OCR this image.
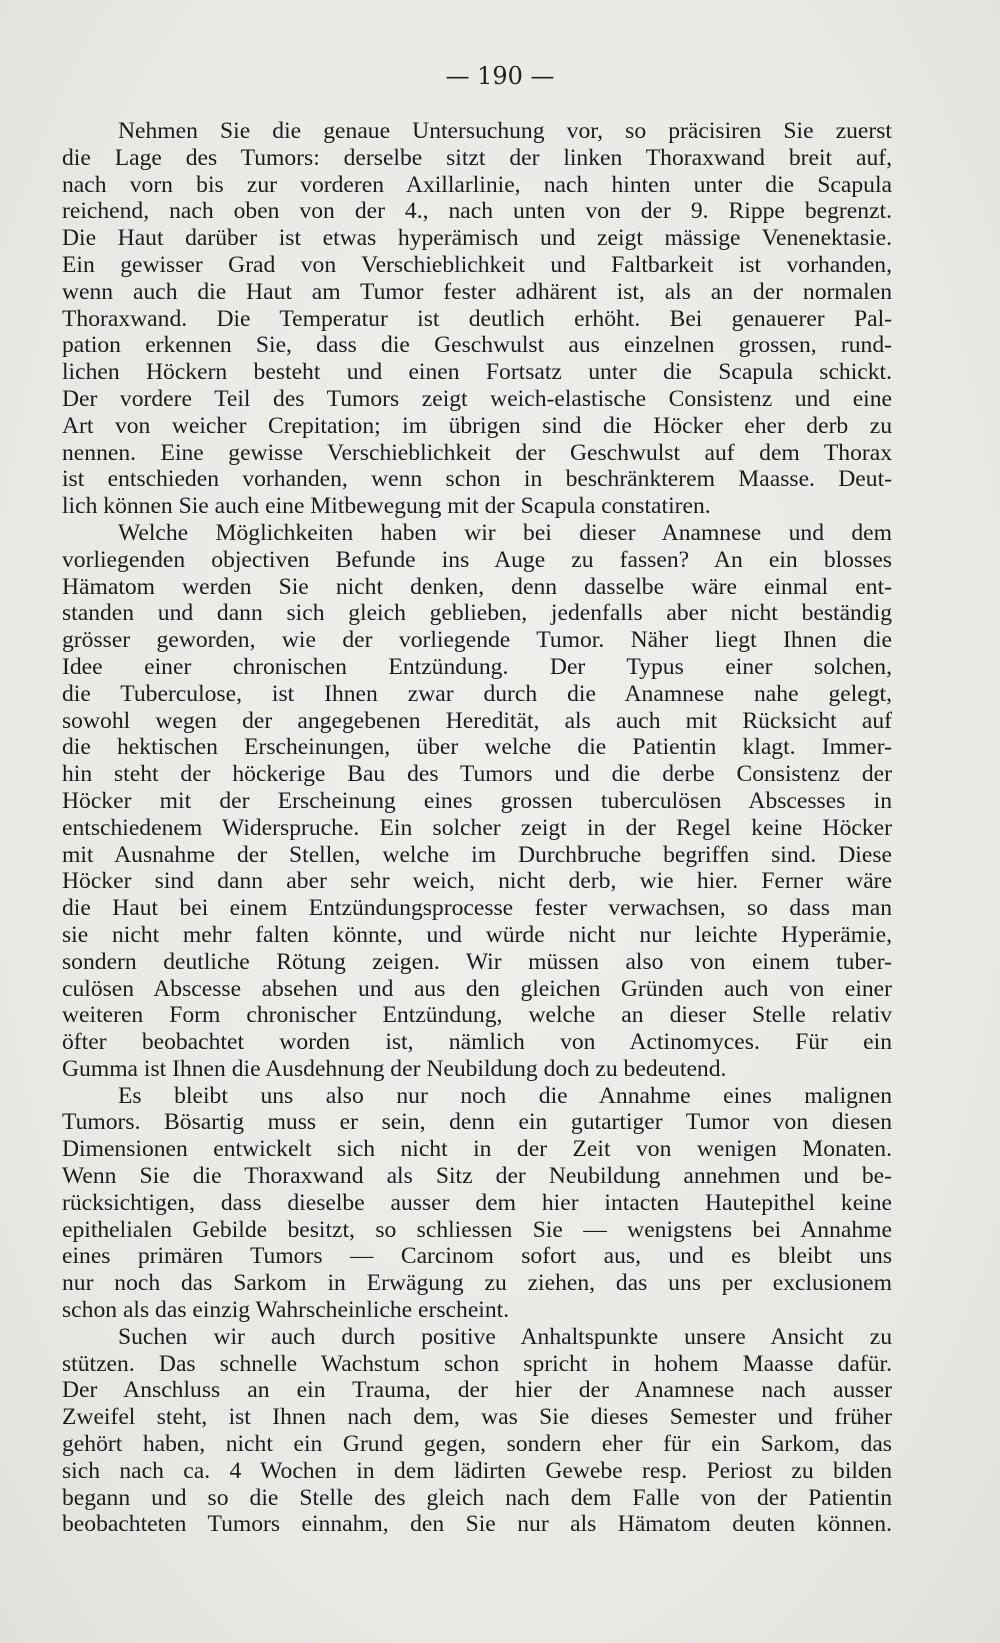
— 190 —
Nehmen Sie die genaue Untersuchung vor, so präcisiren Sie zuerst
die Lage des Tumors: derselbe sitzt der linken Thoraxwand breit auf,
nach vorn bis zur vorderen Axillarlinie, nach hinten unter die Scapula
reichend, nach oben von der 4., nach unten von der 9. Rippe begrenzt.
Die Haut darüber ist etwas hyperämisch und zeigt mässige Venenektasie.
Ein gewisser Grad von Verschieblichkeit und Faltbarkeit ist vorhanden,
wenn auch die Haut am Tumor fester adhärent ist, als an der normalen
Thoraxwand. Die Temperatur ist deutlich erhöht. Bei genauerer Pal-
pation erkennen Sie, dass die Geschwulst aus einzelnen grossen, rund-
lichen Höckern besteht und einen Fortsatz unter die Scapula schickt.
Der vordere Teil des Tumors zeigt weich-elastische Consistenz und eine
Art von weicher Crepitation; im übrigen sind die Höcker eher derb zu
nennen. Eine gewisse Verschieblichkeit der Geschwulst auf dem Thorax
ist entschieden vorhanden, wenn schon in beschränkterem Maasse. Deut-
lich können Sie auch eine Mitbewegung mit der Scapula constatiren.
Welche Möglichkeiten haben wir bei dieser Anamnese und dem
vorliegenden objectiven Befunde ins Auge zu fassen? An ein blosses
Hämatom werden Sie nicht denken, denn dasselbe wäre einmal ent-
standen und dann sich gleich geblieben, jedenfalls aber nicht beständig
grösser geworden, wie der vorliegende Tumor. Näher liegt Ihnen die
Idee einer chronischen Entzündung. Der Typus einer solchen,
die Tuberculose, ist Ihnen zwar durch die Anamnese nahe gelegt,
sowohl wegen der angegebenen Heredität, als auch mit Rücksicht auf
die hektischen Erscheinungen, über welche die Patientin klagt. Immer-
hin steht der höckerige Bau des Tumors und die derbe Consistenz der
Höcker mit der Erscheinung eines grossen tuberculösen Abscesses in
entschiedenem Widerspruche. Ein solcher zeigt in der Regel keine Höcker
mit Ausnahme der Stellen, welche im Durchbruche begriffen sind. Diese
Höcker sind dann aber sehr weich, nicht derb, wie hier. Ferner wäre
die Haut bei einem Entzündungsprocesse fester verwachsen, so dass man
sie nicht mehr falten könnte, und würde nicht nur leichte Hyperämie,
sondern deutliche Rötung zeigen. Wir müssen also von einem tuber-
culösen Abscesse absehen und aus den gleichen Gründen auch von einer
weiteren Form chronischer Entzündung, welche an dieser Stelle relativ
öfter beobachtet worden ist, nämlich von Actinomyces. Für ein
Gumma ist Ihnen die Ausdehnung der Neubildung doch zu bedeutend.
Es bleibt uns also nur noch die Annahme eines malignen
Tumors. Bösartig muss er sein, denn ein gutartiger Tumor von diesen
Dimensionen entwickelt sich nicht in der Zeit von wenigen Monaten.
Wenn Sie die Thoraxwand als Sitz der Neubildung annehmen und be-
rücksichtigen, dass dieselbe ausser dem hier intacten Hautepithel keine
epithelialen Gebilde besitzt, so schliessen Sie — wenigstens bei Annahme
eines primären Tumors — Carcinom sofort aus, und es bleibt uns
nur noch das Sarkom in Erwägung zu ziehen, das uns per exclusionem
schon als das einzig Wahrscheinliche erscheint.
Suchen wir auch durch positive Anhaltspunkte unsere Ansicht zu
stützen. Das schnelle Wachstum schon spricht in hohem Maasse dafür.
Der Anschluss an ein Trauma, der hier der Anamnese nach ausser
Zweifel steht, ist Ihnen nach dem, was Sie dieses Semester und früher
gehört haben, nicht ein Grund gegen, sondern eher für ein Sarkom, das
sich nach ca. 4 Wochen in dem lädirten Gewebe resp. Periost zu bilden
begann und so die Stelle des gleich nach dem Falle von der Patientin
beobachteten Tumors einnahm, den Sie nur als Hämatom deuten können.
